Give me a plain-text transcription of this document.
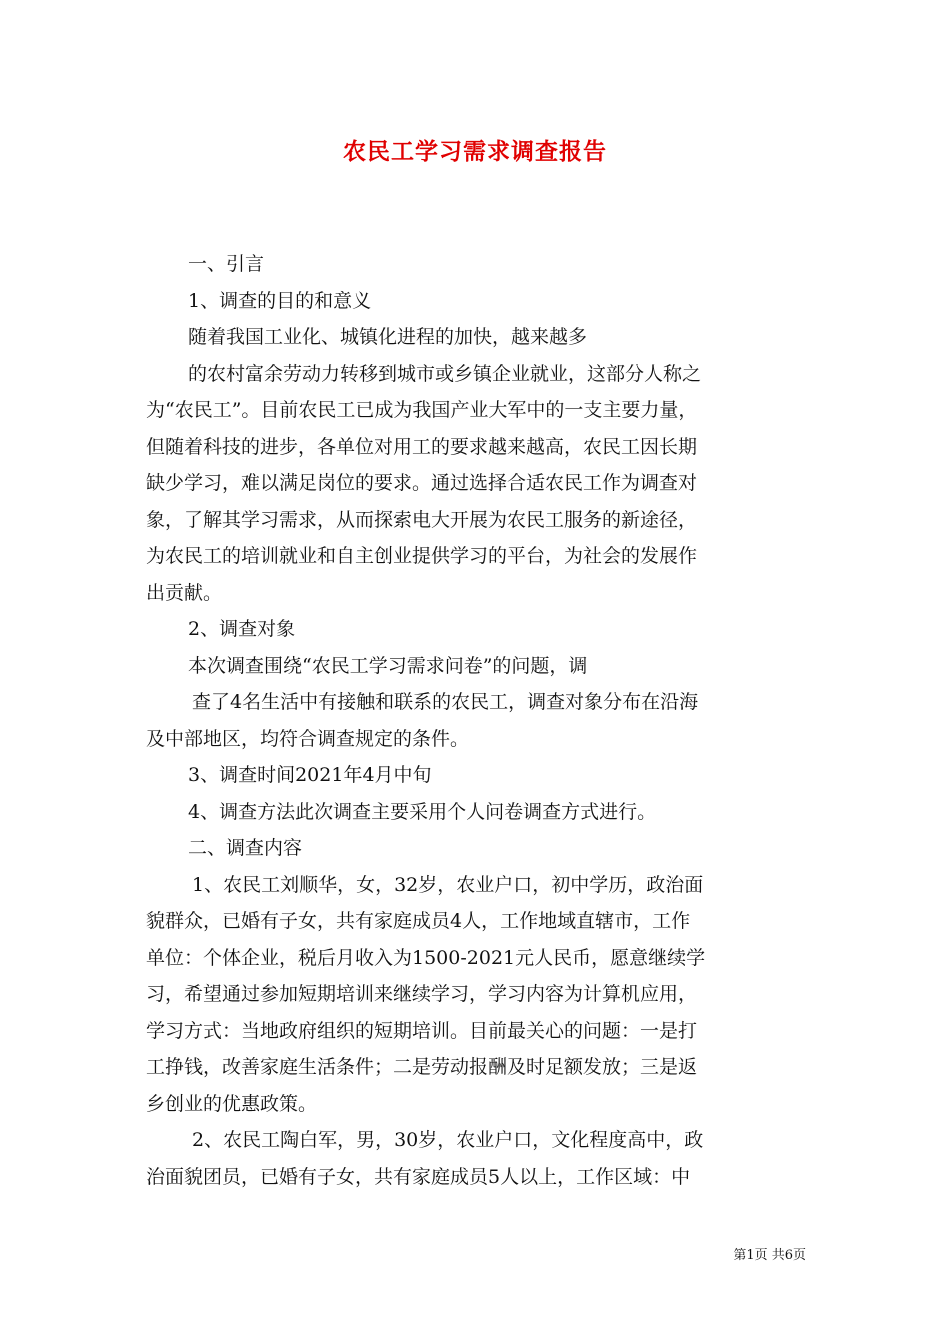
农民工学习需求调查报告

一、引言

1、调查的目的和意义

随着我国工业化、城镇化进程的加快，越来越多

的农村富余劳动力转移到城市或乡镇企业就业，这部分人称之

为“农民工”。目前农民工已成为我国产业大军中的一支主要力量，

但随着科技的进步，各单位对用工的要求越来越高，农民工因长期

缺少学习，难以满足岗位的要求。通过选择合适农民工作为调查对

象，了解其学习需求，从而探索电大开展为农民工服务的新途径，

为农民工的培训就业和自主创业提供学习的平台，为社会的发展作

出贡献。

2、调查对象

本次调查围绕“农民工学习需求问卷”的问题，调

查了4名生活中有接触和联系的农民工，调查对象分布在沿海

及中部地区，均符合调查规定的条件。

3、调查时间2021年4月中旬

4、调查方法此次调查主要采用个人问卷调查方式进行。

二、调查内容

1、农民工刘顺华，女，32岁，农业户口，初中学历，政治面

貌群众，已婚有子女，共有家庭成员4人，工作地域直辖市，工作

单位：个体企业，税后月收入为1500-2021元人民币，愿意继续学

习，希望通过参加短期培训来继续学习，学习内容为计算机应用，

学习方式：当地政府组织的短期培训。目前最关心的问题：一是打

工挣钱，改善家庭生活条件；二是劳动报酬及时足额发放；三是返

乡创业的优惠政策。

2、农民工陶白军，男，30岁，农业户口，文化程度高中，政

治面貌团员，已婚有子女，共有家庭成员5人以上，工作区域：中

第1页 共6页
